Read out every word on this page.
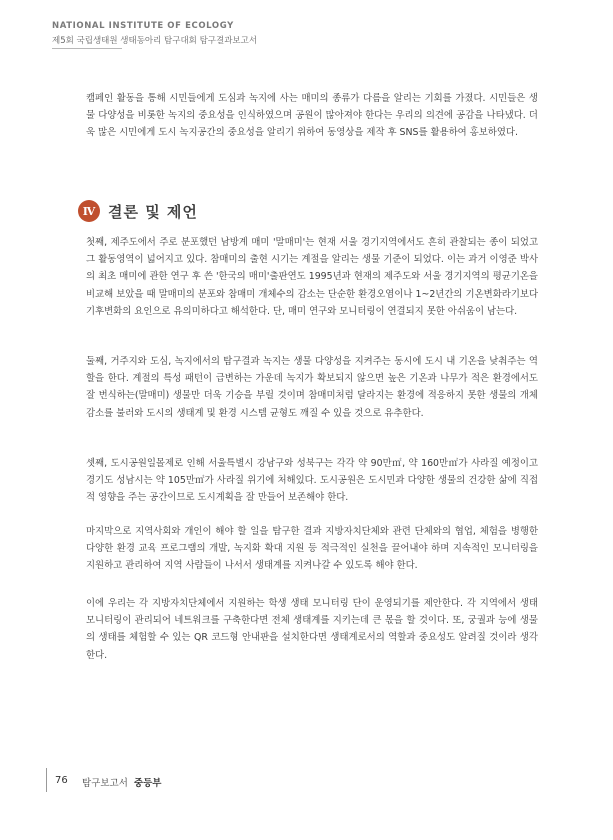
NATIONAL INSTITUTE OF ECOLOGY
제5회 국립생태원 생태동아리 탐구대회 탐구결과보고서

캠페인 활동을 통해 시민들에게 도심과 녹지에 사는 매미의 종류가 다름을 알리는 기회를 가졌다. 시민들은 생물 다양성을 비롯한 녹지의 중요성을 인식하였으며 공원이 많아져야 한다는 우리의 의견에 공감을 나타냈다. 더욱 많은 시민에게 도시 녹지공간의 중요성을 알리기 위하여 동영상을 제작 후 SNS를 활용하여 홍보하였다.

Ⅳ 결론 및 제언

첫째, 제주도에서 주로 분포했던 남방계 매미 '말매미'는 현재 서울 경기지역에서도 흔히 관찰되는 종이 되었고 그 활동영역이 넓어지고 있다. 참매미의 출현 시기는 계절을 알리는 생물 기준이 되었다. 이는 과거 이영준 박사의 최초 매미에 관한 연구 후 쓴 '한국의 매미'출판연도 1995년과 현재의 제주도와 서울 경기지역의 평균기온을 비교해 보았을 때 말매미의 분포와 참매미 개체수의 감소는 단순한 환경오염이나 1~2년간의 기온변화라기보다 기후변화의 요인으로 유의미하다고 해석한다. 단, 매미 연구와 모니터링이 연결되지 못한 아쉬움이 남는다.

둘째, 거주지와 도심, 녹지에서의 탐구결과 녹지는 생물 다양성을 지켜주는 동시에 도시 내 기온을 낮춰주는 역할을 한다. 계절의 특성 패턴이 급변하는 가운데 녹지가 확보되지 않으면 높은 기온과 나무가 적은 환경에서도 잘 번식하는(말매미) 생물만 더욱 기승을 부릴 것이며 참매미처럼 달라지는 환경에 적응하지 못한 생물의 개체감소를 불러와 도시의 생태계 및 환경 시스템 균형도 깨질 수 있을 것으로 유추한다.

셋째, 도시공원일몰제로 인해 서울특별시 강남구와 성북구는 각각 약 90만㎡, 약 160만㎡가 사라질 예정이고 경기도 성남시는 약 105만㎡가 사라질 위기에 처해있다. 도시공원은 도시민과 다양한 생물의 건강한 삶에 직접적 영향을 주는 공간이므로 도시계획을 잘 만들어 보존해야 한다.

마지막으로 지역사회와 개인이 해야 할 일을 탐구한 결과 지방자치단체와 관련 단체와의 협업, 체험을 병행한 다양한 환경 교육 프로그램의 개발, 녹지화 확대 지원 등 적극적인 실천을 끌어내야 하며 지속적인 모니터링을 지원하고 관리하여 지역 사람들이 나서서 생태계를 지켜나갈 수 있도록 해야 한다.

이에 우리는 각 지방자치단체에서 지원하는 학생 생태 모니터링 단이 운영되기를 제안한다. 각 지역에서 생태 모니터링이 관리되어 네트워크를 구축한다면 전체 생태계를 지키는데 큰 몫을 할 것이다. 또, 궁궐과 능에 생물의 생태를 체험할 수 있는 QR 코드형 안내판을 설치한다면 생태계로서의 역할과 중요성도 알려질 것이라 생각한다.

76 탐구보고서 중등부
